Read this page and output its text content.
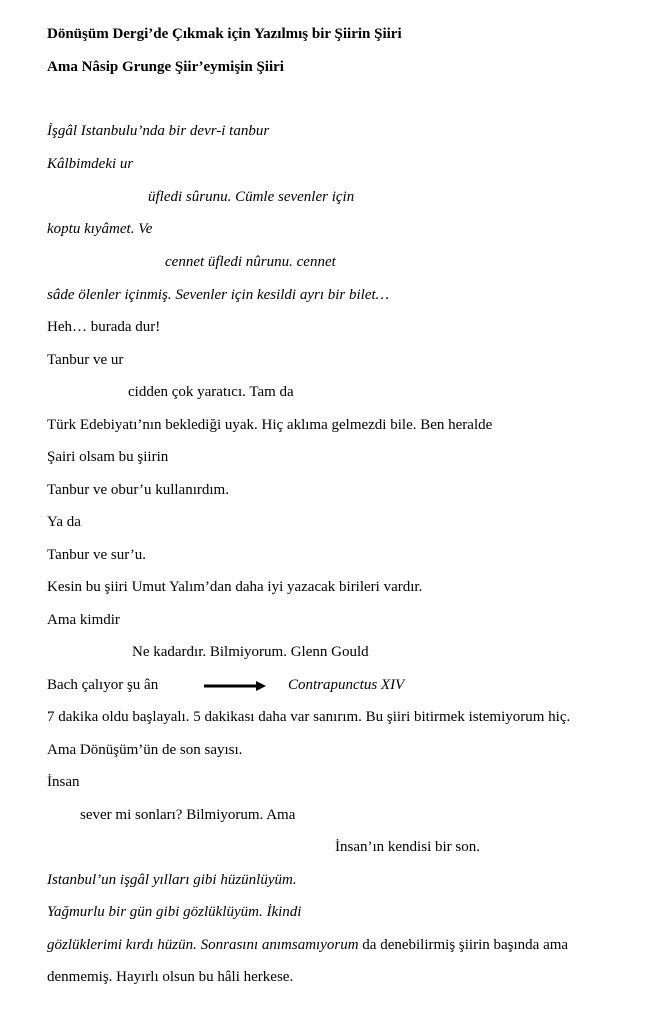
Dönüşüm Dergi’de Çıkmak için Yazılmış bir Şiirin Şiiri
Ama Nâsip Grunge Şiir’eymişin Şiiri
İşgâl Istanbulu’nda bir devr-i tanbur
Kâlbimdeki ur
üfledi sûrunu. Cümle sevenler için
koptu kıyâmet. Ve
cennet üfledi nûrunu. cennet
sâde ölenler içinmiş. Sevenler için kesildi ayrı bir bilet…
Heh… burada dur!
Tanbur ve ur
cidden çok yaratıcı. Tam da
Türk Edebiyatı’nın beklediği uyak. Hiç aklıma gelmezdi bile. Ben heralde
Şairi olsam bu şiirin
Tanbur ve obur’u kullanırdım.
Ya da
Tanbur ve sur’u.
Kesin bu şiiri Umut Yalım’dan daha iyi yazacak birileri vardır.
Ama kimdir
Ne kadardır. Bilmiyorum. Glenn Gould
Bach çalıyor şu ân	Contrapunctus XIV
7 dakika oldu başlayalı. 5 dakikası daha var sanırım. Bu şiiri bitirmek istemiyorum hiç.
Ama Dönüşüm’ün de son sayısı.
İnsan
sever mi sonları? Bilmiyorum. Ama
İnsan’ın kendisi bir son.
Istanbul’un işgâl yılları gibi hüzünlüyüm.
Yağmurlu bir gün gibi gözlüklüyüm. İkindi
gözlüklerimi kırdı hüzün. Sonrasını anımsamıyorum da denebilirmiş şiirin başında ama
denmemiş. Hayırlı olsun bu hâli herkese.
